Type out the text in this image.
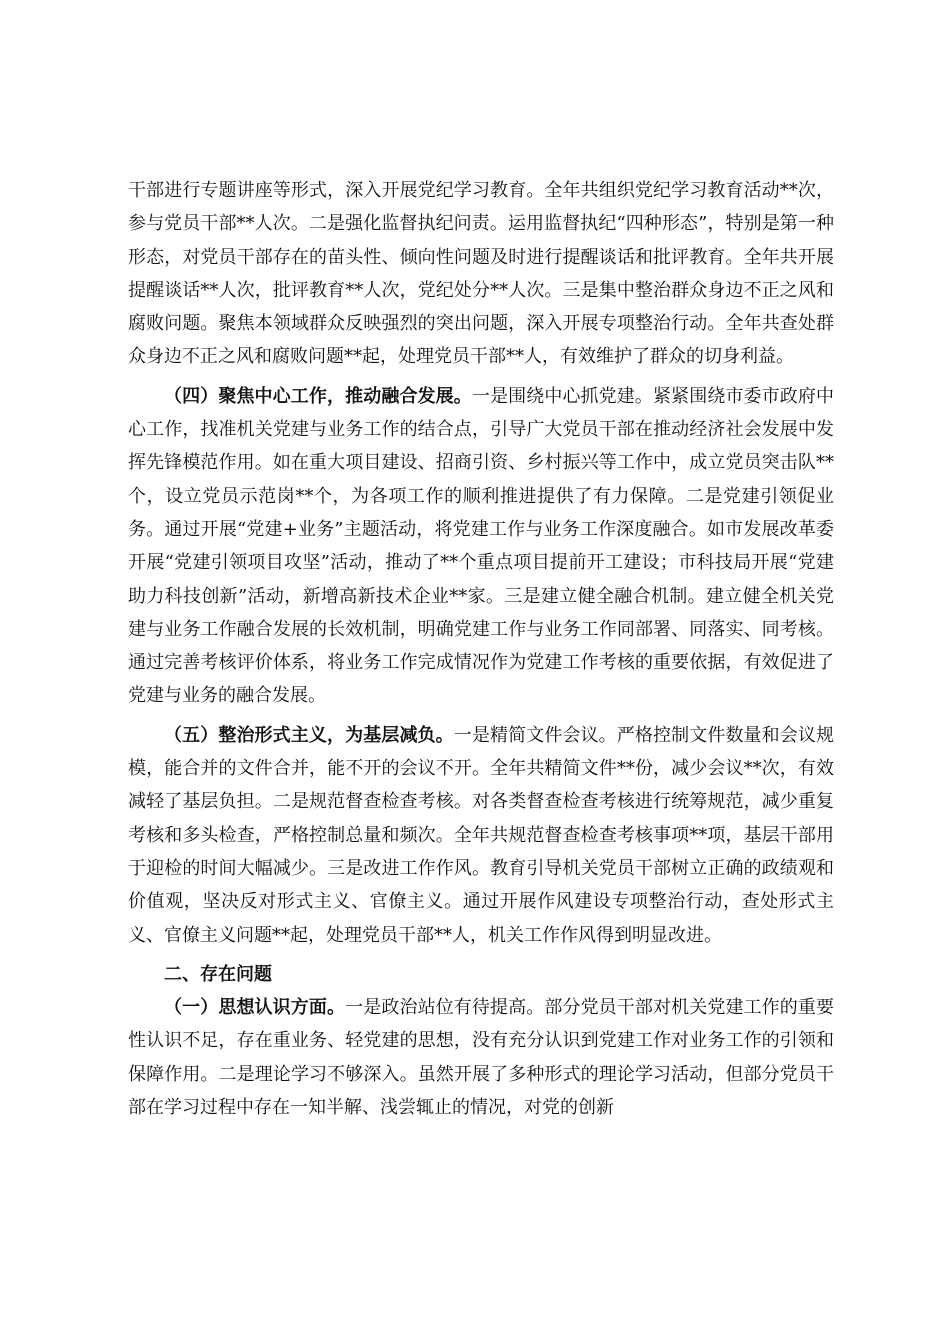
干部进行专题讲座等形式，深入开展党纪学习教育。全年共组织党纪学习教育活动**次，参与党员干部**人次。二是强化监督执纪问责。运用监督执纪“四种形态”，特别是第一种形态，对党员干部存在的苗头性、倾向性问题及时进行提醒谈话和批评教育。全年共开展提醒谈话**人次，批评教育**人次，党纪处分**人次。三是集中整治群众身边不正之风和腐败问题。聚焦本领域群众反映强烈的突出问题，深入开展专项整治行动。全年共查处群众身边不正之风和腐败问题**起，处理党员干部**人，有效维护了群众的切身利益。

（四）聚焦中心工作，推动融合发展。一是围绕中心抓党建。紧紧围绕市委市政府中心工作，找准机关党建与业务工作的结合点，引导广大党员干部在推动经济社会发展中发挥先锋模范作用。如在重大项目建设、招商引资、乡村振兴等工作中，成立党员突击队**个，设立党员示范岗**个，为各项工作的顺利推进提供了有力保障。二是党建引领促业务。通过开展“党建+业务”主题活动，将党建工作与业务工作深度融合。如市发展改革委开展“党建引领项目攻坚”活动，推动了**个重点项目提前开工建设；市科技局开展“党建助力科技创新”活动，新增高新技术企业**家。三是建立健全融合机制。建立健全机关党建与业务工作融合发展的长效机制，明确党建工作与业务工作同部署、同落实、同考核。通过完善考核评价体系，将业务工作完成情况作为党建工作考核的重要依据，有效促进了党建与业务的融合发展。

（五）整治形式主义，为基层减负。一是精简文件会议。严格控制文件数量和会议规模，能合并的文件合并，能不开的会议不开。全年共精简文件**份，减少会议**次，有效减轻了基层负担。二是规范督查检查考核。对各类督查检查考核进行统筹规范，减少重复考核和多头检查，严格控制总量和频次。全年共规范督查检查考核事项**项，基层干部用于迎检的时间大幅减少。三是改进工作作风。教育引导机关党员干部树立正确的政绩观和价值观，坚决反对形式主义、官僚主义。通过开展作风建设专项整治行动，查处形式主义、官僚主义问题**起，处理党员干部**人，机关工作作风得到明显改进。

二、存在问题

（一）思想认识方面。一是政治站位有待提高。部分党员干部对机关党建工作的重要性认识不足，存在重业务、轻党建的思想，没有充分认识到党建工作对业务工作的引领和保障作用。二是理论学习不够深入。虽然开展了多种形式的理论学习活动，但部分党员干部在学习过程中存在一知半解、浅尝辄止的情况，对党的创新
